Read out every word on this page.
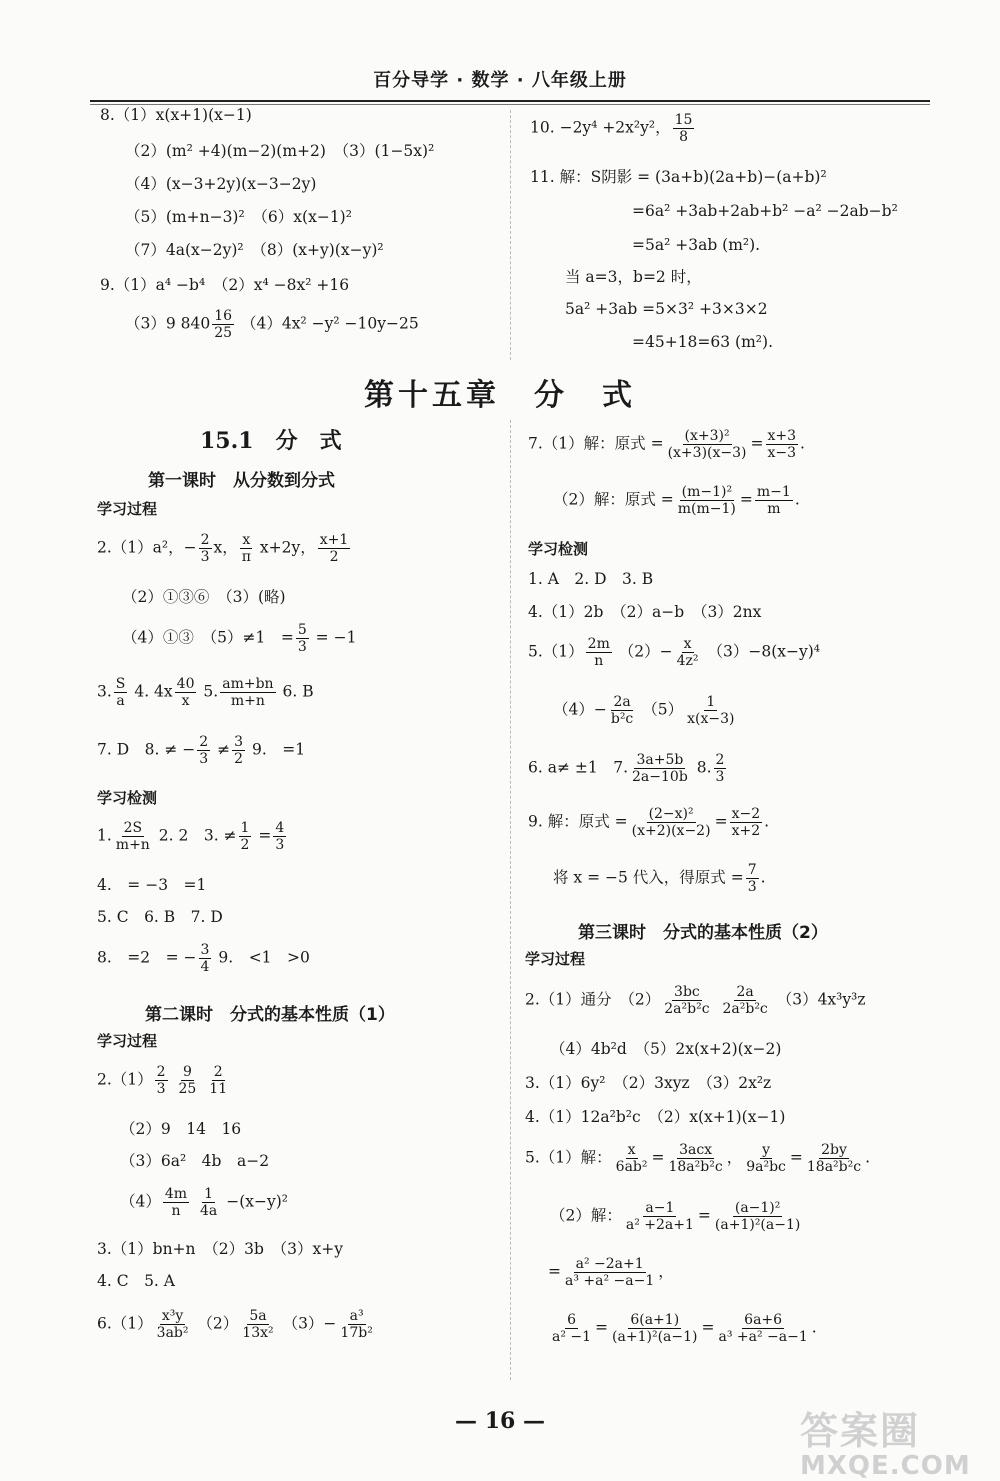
百分导学 · 数学 · 八年级上册
8.（1）x(x+1)(x−1)
（2）(m² +4)(m−2)(m+2)　（3）(1−5x)²
（4）(x−3+2y)(x−3−2y)
（5）(m+n−3)²　（6）x(x−1)²
（7）4a(x−2y)²　（8）(x+y)(x−y)²
9.（1）a⁴ −b⁴　（2）x⁴ −8x² +16
（3）9 $840 \frac{16}{25} (4)4x^2 -y^2 -10y-25$
10. −2y⁴ +2x²y²， $\frac{15}{8}$
11. 解：S阴影 = (3a+b)(2a+b)−(a+b)²
=6a² +3ab+2ab+b² −a² −2ab−b²
=5a² +3ab (m²).
当 a=3，b=2 时，
5a² +3ab =5×3² +3×3×2
=45+18=63 (m²).
第十五章　分　式
15.1　分　式
第一课时　从分数到分式
学习过程
2.（1）a²，− $\frac{2}{3}$ x， $\frac{x}{\pi} x+2y$， $\frac{x+1}{2}$
（2）①③⑥　（3）(略)
（4）①③　（5）≠1　= $\frac{5}{3} = -1$
3. $\frac{S}{a} 4$. $4x \frac{40}{x} 5$. $\frac{am+bn}{m+n} 6$. B
7. D　8. ≠ − $\frac{2}{3} \ne \frac{3}{2} 9$.　=1
学习检测
1. $\frac{2S}{m+n} 2$. 2　3. ≠ $\frac{1}{2} = \frac{4}{3}$
4.　= −3　=1
5. C　6. B　7. D
8.　=2　= − $\frac{3}{4} 9$.　<1　>0
第二课时　分式的基本性质（1）
学习过程
$2.(1) \frac{2}{3}$
$\frac{9}{25}$
$\frac{2}{11}$
（2）9　14　16
（3）6a²　4b　a−2
$(4) \frac{4m}{n}$
$\frac{1}{4a} -(x-y)^2$
3.（1）bn+n　（2）3b　（3）x+y
4. C　5. A
$6.(1) \frac{\text{x³y}}{\text{3ab²}} (2) \frac{5a}{\text{13x²}} (3)- \frac{\text{a³}}{\text{17b²}}$
7.（1）解：原式 = $\frac{\text{(x+3)²}}{(x+3)(x-3)} = \frac{x+3}{x-3}$ .
（2）解：原式 = $\frac{\text{(m−1)²}}{m(m-1)} = \frac{m-1}{m}$ .
学习检测
1. A　2. D　3. B
4.（1）2b　（2）a−b　（3）2nx
$5.(1) \frac{2m}{n} (2)- \frac{x}{\text{4z²}} (3)-8(x-y)^4$
$(4)- \frac{2a}{\text{b²c}} (5) \frac{1}{x(x-3)}$
6. a≠ ±1　7. $\frac{3a+5b}{2a-10b} 8$. $\frac{2}{3}$
9. 解：原式 = $\frac{\text{(2−x)²}}{(x+2)(x-2)} = \frac{x-2}{x+2}$ .
将 x = −5 代入，得原式 = $\frac{7}{3}$ .
第三课时　分式的基本性质（2）
学习过程
2.（1）通分　$(2) \frac{3bc}{\text{2a²b²c}}$
$\frac{2a}{\text{2a²b²c}} (3)4x^3y^3z$
（4）4b²d　（5）2x(x+2)(x−2)
3.（1）6y²　（2）3xyz　（3）2x²z
4.（1）12a²b²c　（2）x(x+1)(x−1)
5.（1）解： $\frac{x}{\text{6ab²}} = 3acx$
18a²b²c
， $\frac{y}{\text{9a²bc}} = \frac{2by}{\text{18a²b²c}}$ .
（2）解： $\frac{a-1}{\text{a² +2a+1}} = \frac{\text{(a−1)²}}{\text{(a+1)²(a−1)}}$
= $\frac{\text{a² −2a+1}}{\text{a³ +a² −a−1}}$ ，
$\frac{6}{\text{a² −1}} = \frac{6(a+1)}{\text{(a+1)²(a−1)}} = \frac{6a+6}{\text{a³ +a² −a−1}}$ .
— 16 —	答案圈
MXQE.COM
